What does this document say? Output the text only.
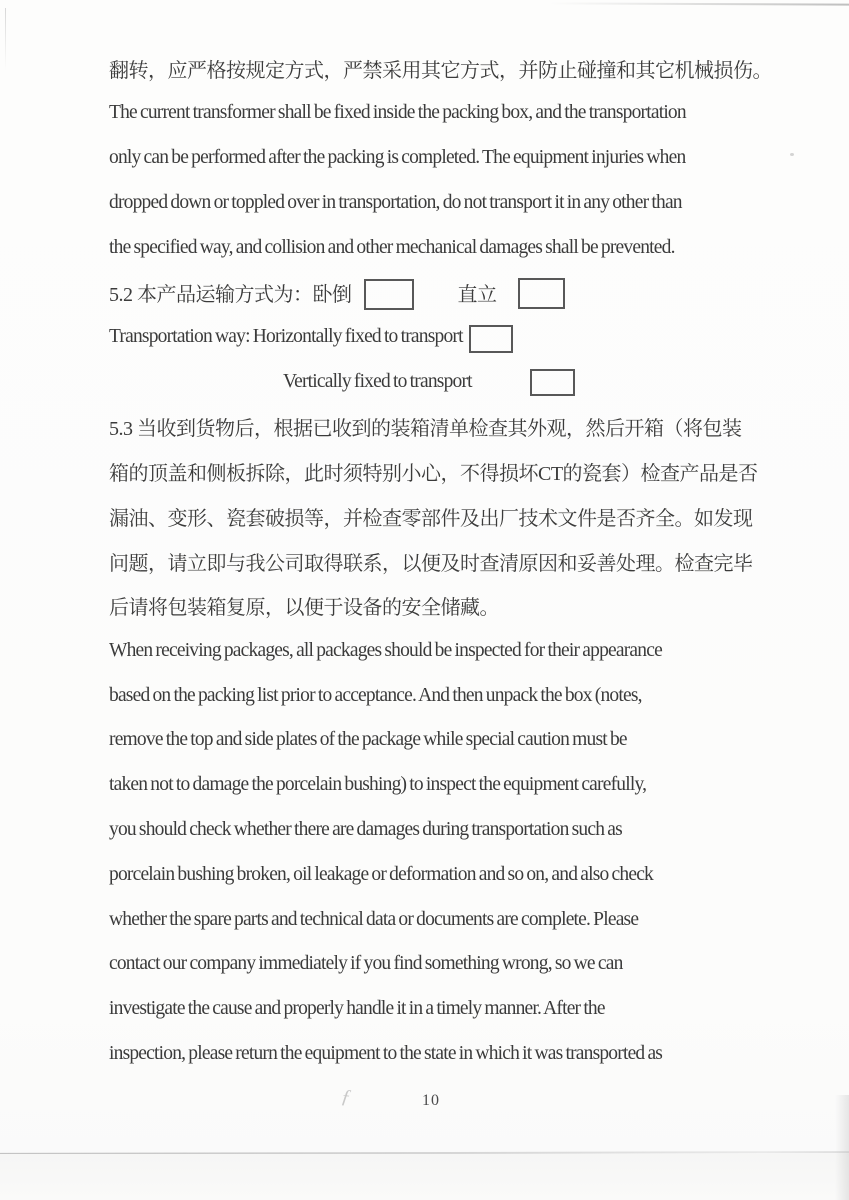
翻转，应严格按规定方式，严禁采用其它方式，并防止碰撞和其它机械损伤。
The current transformer shall be fixed inside the packing box, and the transportation
only can be performed after the packing is completed. The equipment injuries when
dropped down or toppled over in transportation, do not transport it in any other than
the specified way, and collision and other mechanical damages shall be prevented.
5.2 本产品运输方式为：卧倒	直立
Transportation way: Horizontally fixed to transport
Vertically fixed to transport
5.3 当收到货物后，根据已收到的装箱清单检查其外观，然后开箱（将包装
箱的顶盖和侧板拆除，此时须特别小心，不得损坏CT的瓷套）检查产品是否
漏油、变形、瓷套破损等，并检查零部件及出厂技术文件是否齐全。如发现
问题，请立即与我公司取得联系，以便及时查清原因和妥善处理。检查完毕
后请将包装箱复原，以便于设备的安全储藏。
When receiving packages, all packages should be inspected for their appearance
based on the packing list prior to acceptance. And then unpack the box (notes,
remove the top and side plates of the package while special caution must be
taken not to damage the porcelain bushing) to inspect the equipment carefully,
you should check whether there are damages during transportation such as
porcelain bushing broken, oil leakage or deformation and so on, and also check
whether the spare parts and technical data or documents are complete. Please
contact our company immediately if you find something wrong, so we can
investigate the cause and properly handle it in a timely manner. After the
inspection, please return the equipment to the state in which it was transported as
ƒ	10
